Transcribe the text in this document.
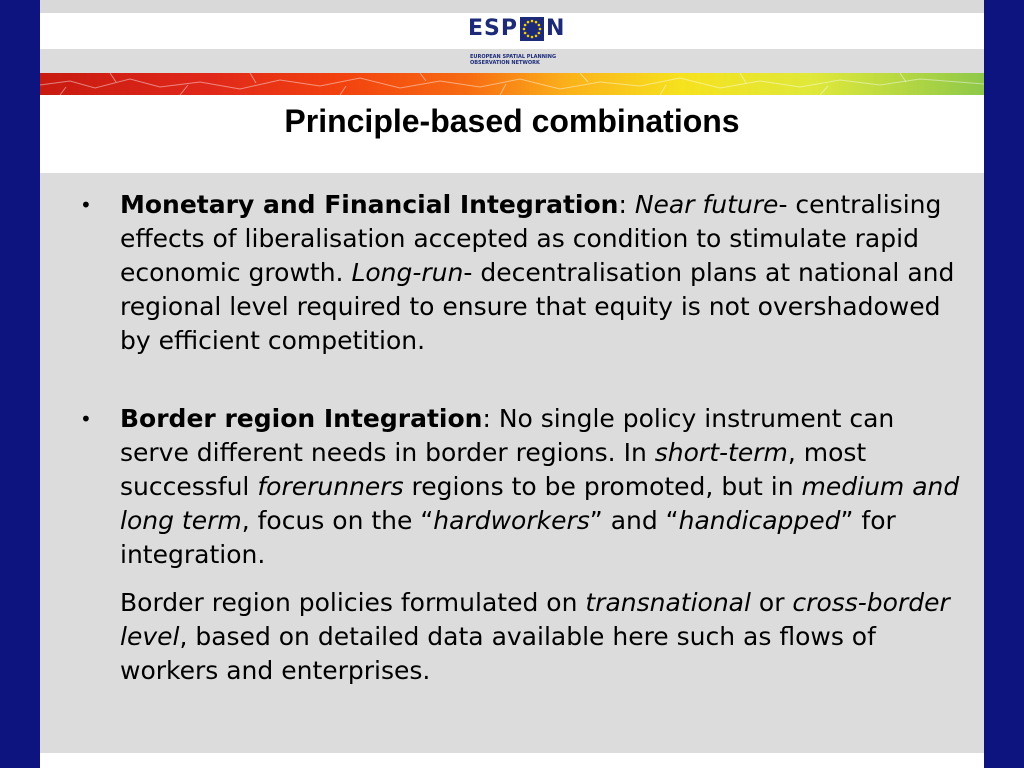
ESP N
EUROPEAN SPATIAL PLANNING
OBSERVATION NETWORK
Principle-based combinations
• Monetary and Financial Integration: Near future- centralising effects of liberalisation accepted as condition to stimulate rapid economic growth. Long-run- decentralisation plans at national and regional level required to ensure that equity is not overshadowed by efficient competition.
• Border region Integration: No single policy instrument can serve different needs in border regions. In short-term, most successful forerunners regions to be promoted, but in medium and long term, focus on the “hardworkers” and “handicapped” for integration.
Border region policies formulated on transnational or cross-border level, based on detailed data available here such as flows of workers and enterprises.
